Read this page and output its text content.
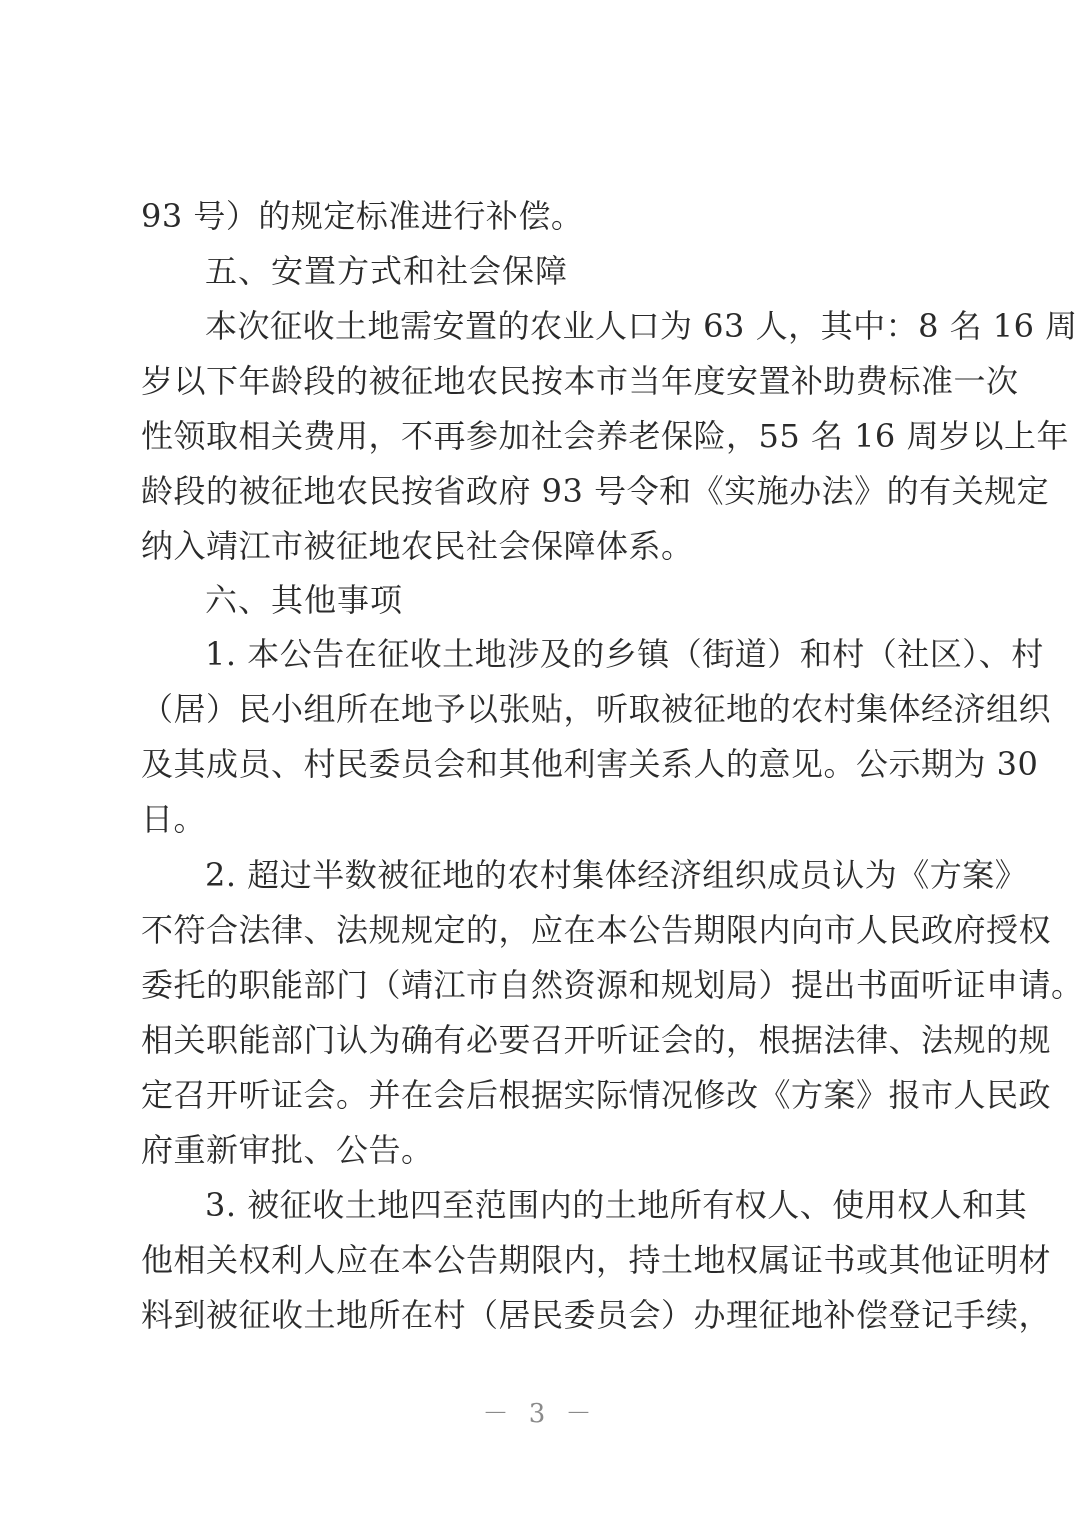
93 号）的规定标准进行补偿。
五、安置方式和社会保障
本次征收土地需安置的农业人口为 63 人，其中：8 名 16 周
岁以下年龄段的被征地农民按本市当年度安置补助费标准一次
性领取相关费用，不再参加社会养老保险，55 名 16 周岁以上年
龄段的被征地农民按省政府 93 号令和《实施办法》的有关规定
纳入靖江市被征地农民社会保障体系。
六、其他事项
1. 本公告在征收土地涉及的乡镇（街道）和村（社区）、村
（居）民小组所在地予以张贴，听取被征地的农村集体经济组织
及其成员、村民委员会和其他利害关系人的意见。公示期为 30
日。
2. 超过半数被征地的农村集体经济组织成员认为《方案》
不符合法律、法规规定的，应在本公告期限内向市人民政府授权
委托的职能部门（靖江市自然资源和规划局）提出书面听证申请。
相关职能部门认为确有必要召开听证会的，根据法律、法规的规
定召开听证会。并在会后根据实际情况修改《方案》报市人民政
府重新审批、公告。
3. 被征收土地四至范围内的土地所有权人、使用权人和其
他相关权利人应在本公告期限内，持土地权属证书或其他证明材
料到被征收土地所在村（居民委员会）办理征地补偿登记手续，
－ 3 －
